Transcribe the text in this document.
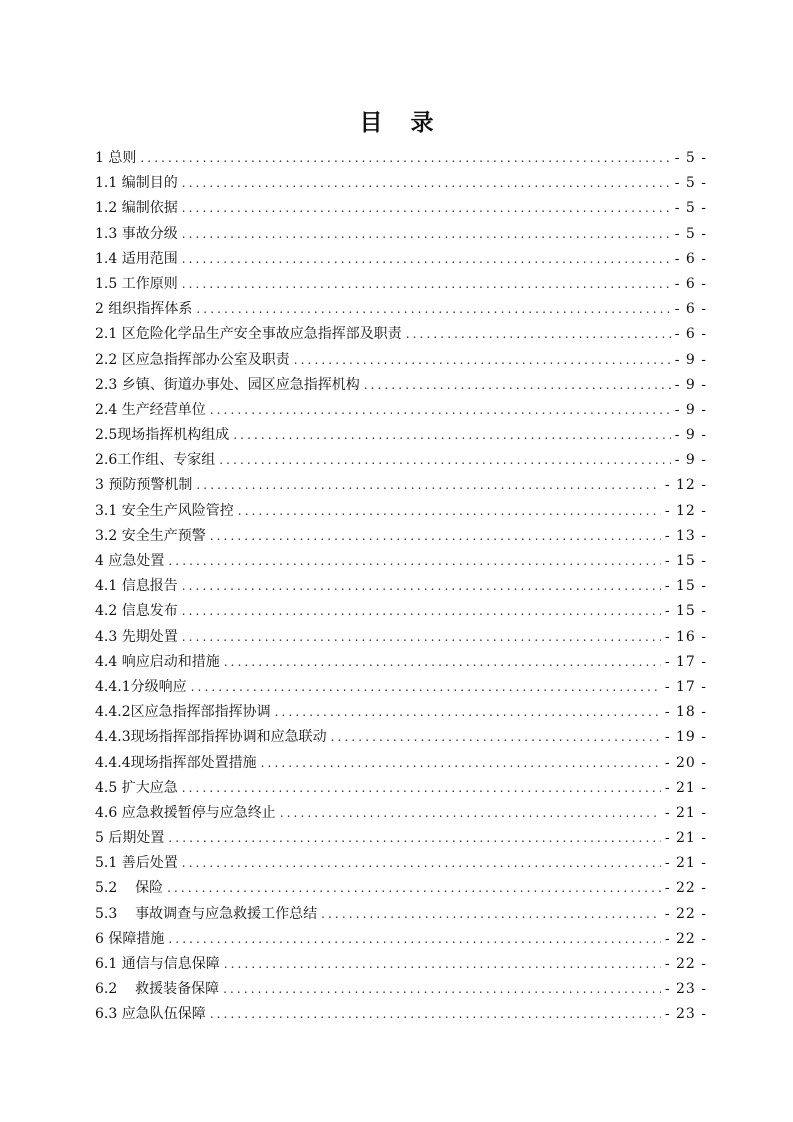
目 录
1 总则 .....	- 5 -
1.1 编制目的 .....	- 5 -
1.2 编制依据 .....	- 5 -
1.3 事故分级 .....	- 5 -
1.4 适用范围 .....	- 6 -
1.5 工作原则 .....	- 6 -
2 组织指挥体系 .....	- 6 -
2.1 区危险化学品生产安全事故应急指挥部及职责 .....	- 6 -
2.2 区应急指挥部办公室及职责 .....	- 9 -
2.3 乡镇、街道办事处、园区应急指挥机构 .....	- 9 -
2.4 生产经营单位 .....	- 9 -
2.5现场指挥机构组成 .....	- 9 -
2.6工作组、专家组 .....	- 9 -
3 预防预警机制 .....	- 12 -
3.1 安全生产风险管控 .....	- 12 -
3.2 安全生产预警 .....	- 13 -
4 应急处置 .....	- 15 -
4.1 信息报告 .....	- 15 -
4.2 信息发布 .....	- 15 -
4.3 先期处置 .....	- 16 -
4.4 响应启动和措施 .....	- 17 -
4.4.1分级响应 .....	- 17 -
4.4.2区应急指挥部指挥协调 .....	- 18 -
4.4.3现场指挥部指挥协调和应急联动 .....	- 19 -
4.4.4现场指挥部处置措施 .....	- 20 -
4.5 扩大应急 .....	- 21 -
4.6 应急救援暂停与应急终止 .....	- 21 -
5 后期处置 .....	- 21 -
5.1 善后处置 .....	- 21 -
5.2    保险 .....	- 22 -
5.3    事故调查与应急救援工作总结 .....	- 22 -
6 保障措施 .....	- 22 -
6.1 通信与信息保障 .....	- 22 -
6.2    救援装备保障 .....	- 23 -
6.3 应急队伍保障 .....	- 23 -
